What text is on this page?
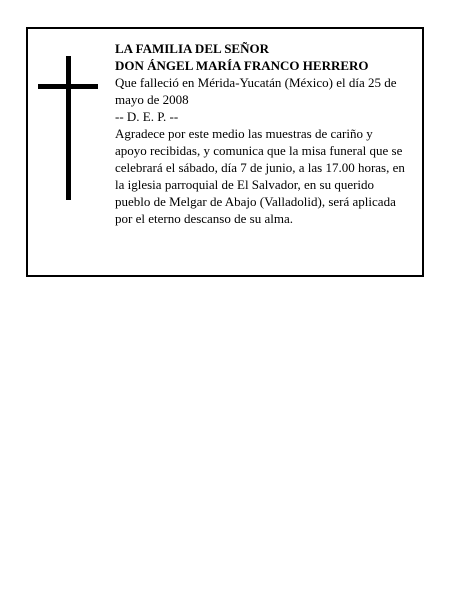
LA FAMILIA DEL SEÑOR
DON ÁNGEL MARÍA FRANCO HERRERO
Que falleció en Mérida-Yucatán (México) el día 25 de
mayo de 2008
-- D. E. P. --
Agradece por este medio las muestras de cariño y
apoyo recibidas, y comunica que la misa funeral que se
celebrará el sábado, día 7 de junio, a las 17.00 horas, en
la iglesia parroquial de El Salvador, en su querido
pueblo de Melgar de Abajo (Valladolid), será aplicada
por el eterno descanso de su alma.
